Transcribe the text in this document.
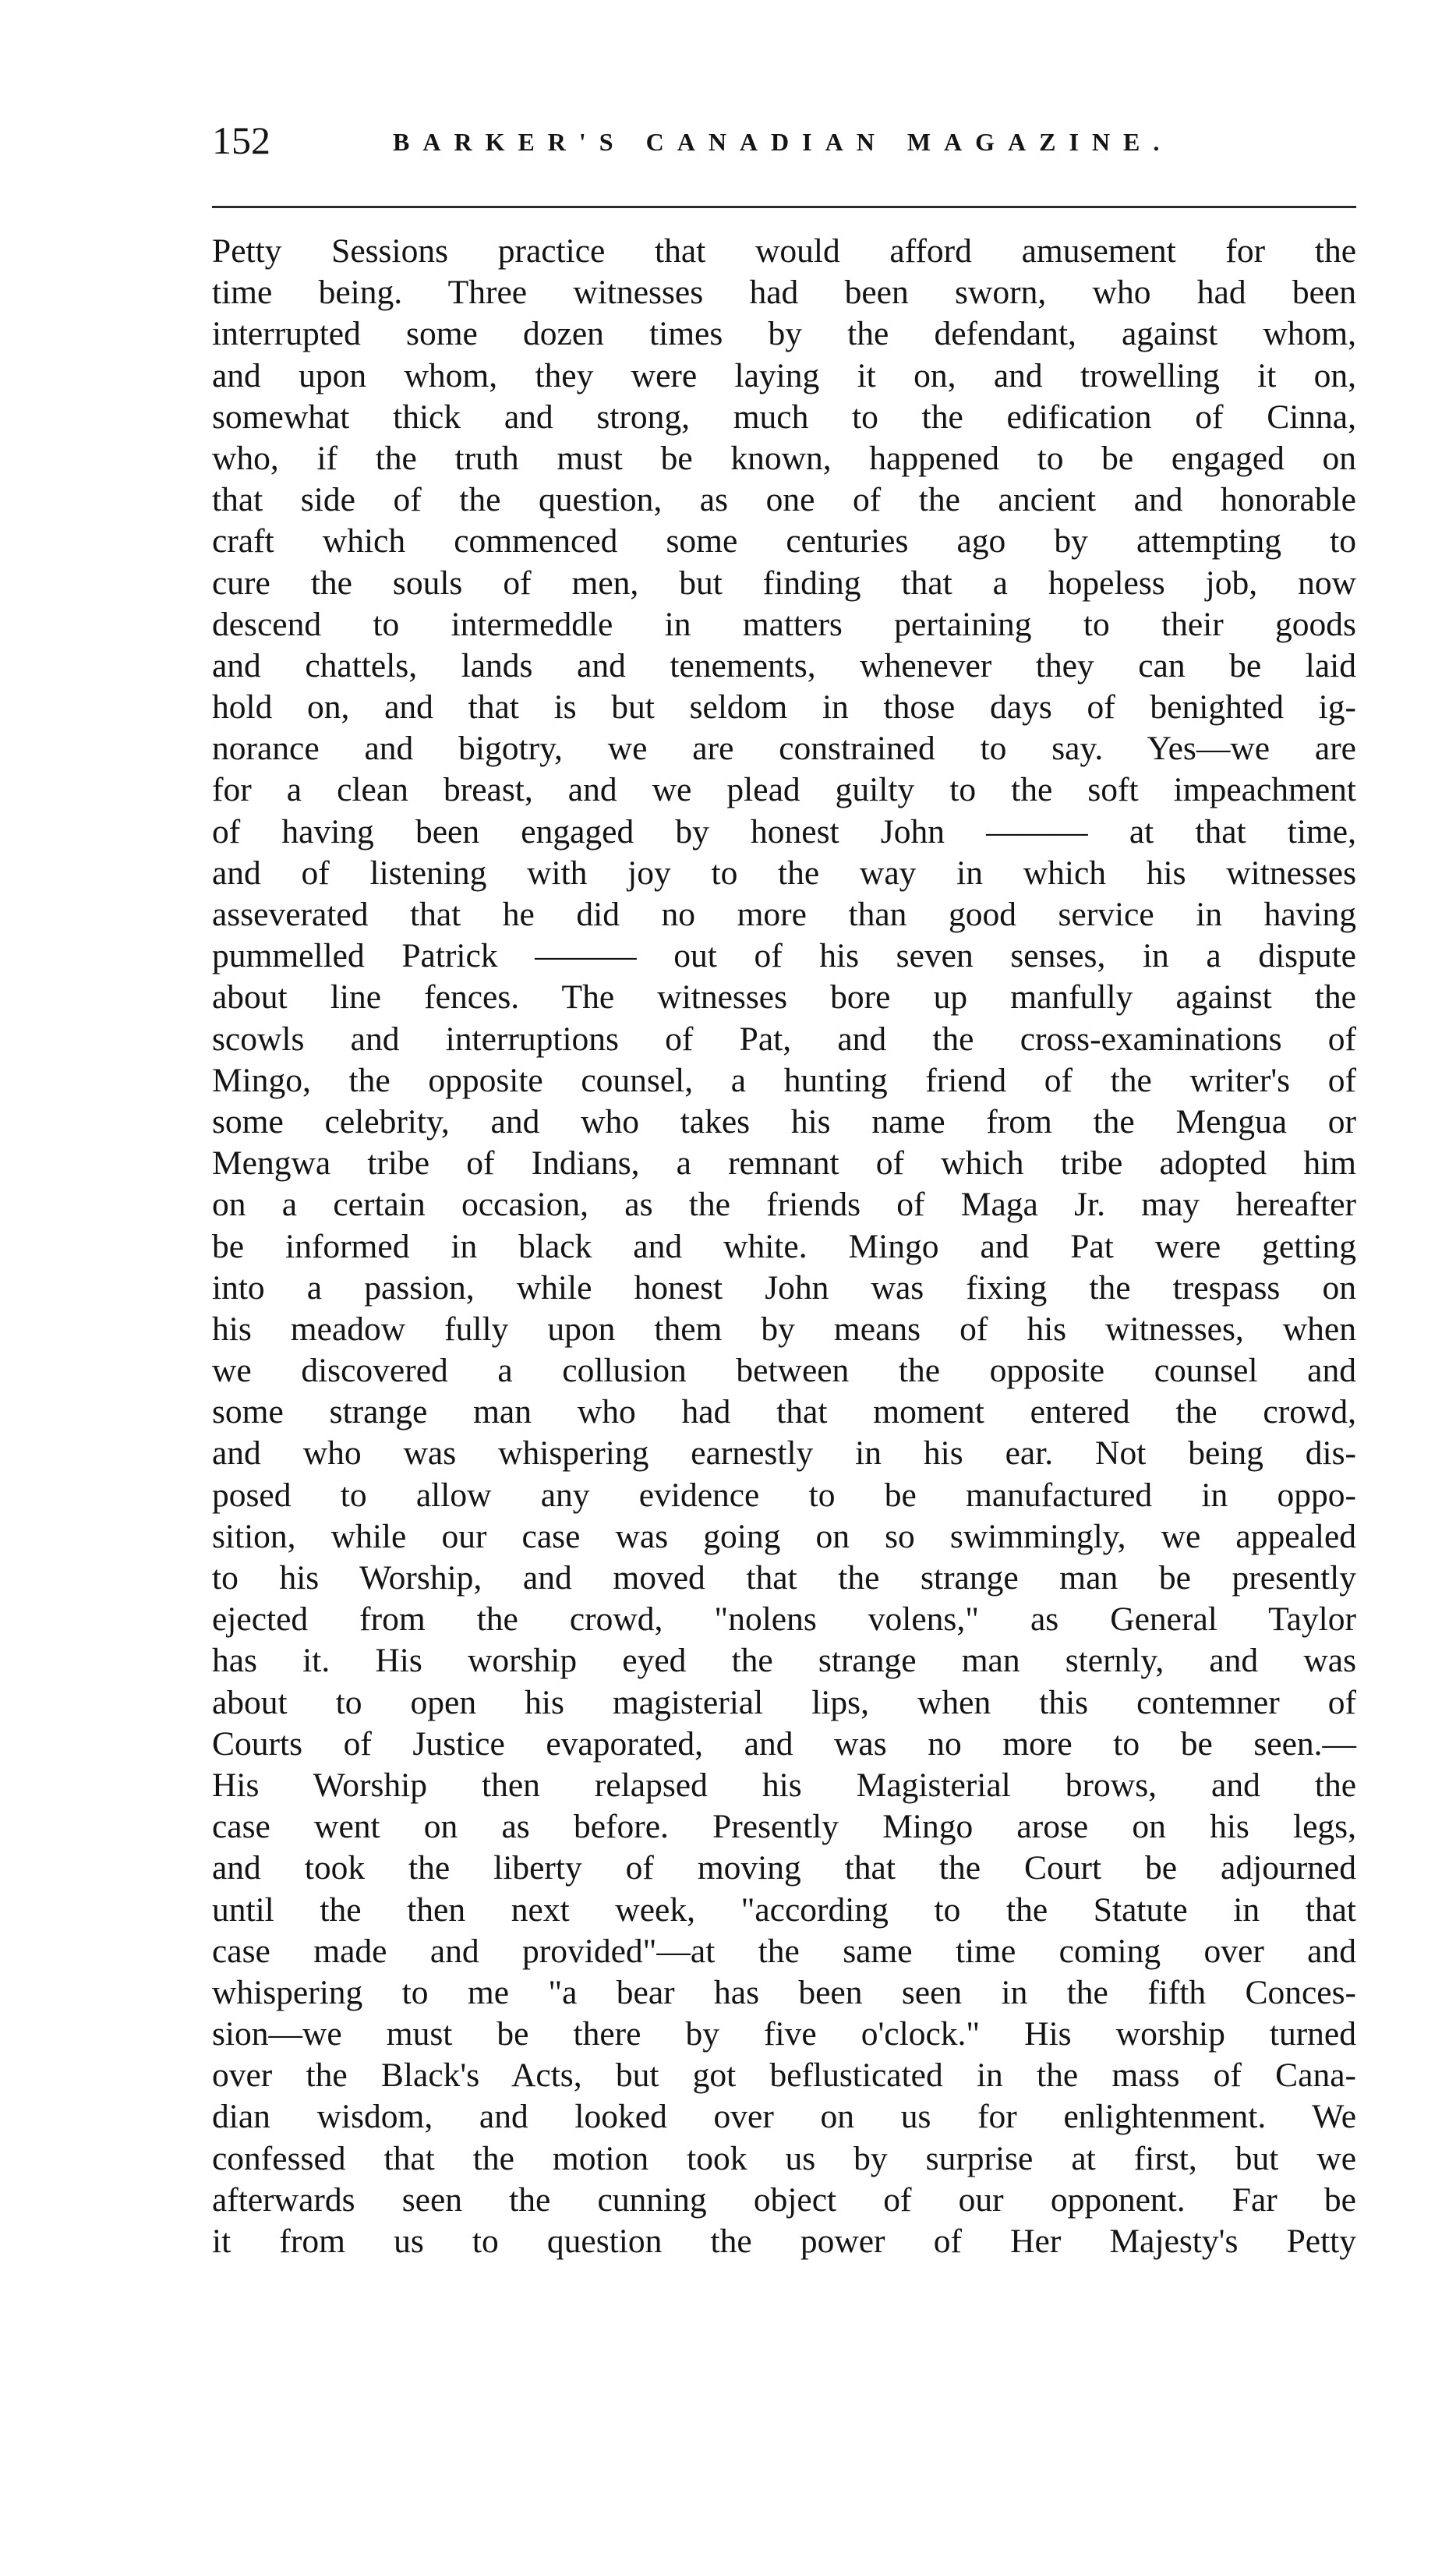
152	BARKER'S CANADIAN MAGAZINE.
Petty Sessions practice that would afford amusement for the
time being. Three witnesses had been sworn, who had been
interrupted some dozen times by the defendant, against whom,
and upon whom, they were laying it on, and trowelling it on,
somewhat thick and strong, much to the edification of Cinna,
who, if the truth must be known, happened to be engaged on
that side of the question, as one of the ancient and honorable
craft which commenced some centuries ago by attempting to
cure the souls of men, but finding that a hopeless job, now
descend to intermeddle in matters pertaining to their goods
and chattels, lands and tenements, whenever they can be laid
hold on, and that is but seldom in those days of benighted ig-
norance and bigotry, we are constrained to say. Yes—we are
for a clean breast, and we plead guilty to the soft impeachment
of having been engaged by honest John ——— at that time,
and of listening with joy to the way in which his witnesses
asseverated that he did no more than good service in having
pummelled Patrick ——— out of his seven senses, in a dispute
about line fences. The witnesses bore up manfully against the
scowls and interruptions of Pat, and the cross-examinations of
Mingo, the opposite counsel, a hunting friend of the writer's of
some celebrity, and who takes his name from the Mengua or
Mengwa tribe of Indians, a remnant of which tribe adopted him
on a certain occasion, as the friends of Maga Jr. may hereafter
be informed in black and white. Mingo and Pat were getting
into a passion, while honest John was fixing the trespass on
his meadow fully upon them by means of his witnesses, when
we discovered a collusion between the opposite counsel and
some strange man who had that moment entered the crowd,
and who was whispering earnestly in his ear. Not being dis-
posed to allow any evidence to be manufactured in oppo-
sition, while our case was going on so swimmingly, we appealed
to his Worship, and moved that the strange man be presently
ejected from the crowd, "nolens volens," as General Taylor
has it. His worship eyed the strange man sternly, and was
about to open his magisterial lips, when this contemner of
Courts of Justice evaporated, and was no more to be seen.—
His Worship then relapsed his Magisterial brows, and the
case went on as before. Presently Mingo arose on his legs,
and took the liberty of moving that the Court be adjourned
until the then next week, "according to the Statute in that
case made and provided"—at the same time coming over and
whispering to me "a bear has been seen in the fifth Conces-
sion—we must be there by five o'clock." His worship turned
over the Black's Acts, but got beflusticated in the mass of Cana-
dian wisdom, and looked over on us for enlightenment. We
confessed that the motion took us by surprise at first, but we
afterwards seen the cunning object of our opponent. Far be
it from us to question the power of Her Majesty's Petty
